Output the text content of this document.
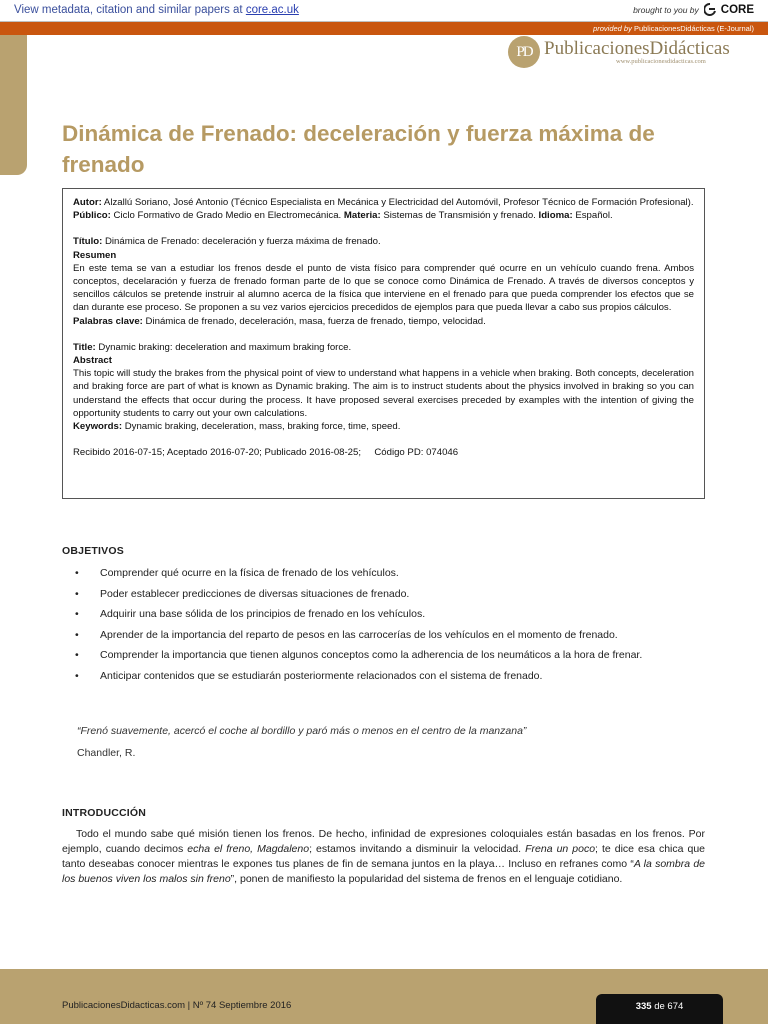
View metadata, citation and similar papers at core.ac.uk	brought to you by CORE
provided by PublicacionesDidácticas (E-Journal)
PD PublicacionesDidácticas
www.publicacionesdidacticas.com
Dinámica de Frenado: deceleración y fuerza máxima de frenado

Autor: Alzallú Soriano, José Antonio (Técnico Especialista en Mecánica y Electricidad del Automóvil, Profesor Técnico de Formación Profesional).

Público: Ciclo Formativo de Grado Medio en Electromecánica. Materia: Sistemas de Transmisión y frenado. Idioma: Español.

Título: Dinámica de Frenado: deceleración y fuerza máxima de frenado.

Resumen

En este tema se van a estudiar los frenos desde el punto de vista físico para comprender qué ocurre en un vehículo cuando frena. Ambos conceptos, decelaración y fuerza de frenado forman parte de lo que se conoce como Dinámica de Frenado. A través de diversos conceptos y sencillos cálculos se pretende instruir al alumno acerca de la física que interviene en el frenado para que pueda comprender los efectos que se dan durante ese proceso. Se proponen a su vez varios ejercicios precedidos de ejemplos para que pueda llevar a cabo sus propios cálculos.

Palabras clave: Dinámica de frenado, deceleración, masa, fuerza de frenado, tiempo, velocidad.

Title: Dynamic braking: deceleration and maximum braking force.

Abstract

This topic will study the brakes from the physical point of view to understand what happens in a vehicle when braking. Both concepts, deceleration and braking force are part of what is known as Dynamic braking. The aim is to instruct students about the physics involved in braking so you can understand the effects that occur during the process. It have proposed several exercises preceded by examples with the intention of giving the opportunity students to carry out your own calculations.

Keywords: Dynamic braking, deceleration, mass, braking force, time, speed.

Recibido 2016-07-15; Aceptado 2016-07-20; Publicado 2016-08-25; Código PD: 074046

OBJETIVOS
• Comprender qué ocurre en la física de frenado de los vehículos.
• Poder establecer predicciones de diversas situaciones de frenado.
• Adquirir una base sólida de los principios de frenado en los vehículos.
• Aprender de la importancia del reparto de pesos en las carrocerías de los vehículos en el momento de frenado.
• Comprender la importancia que tienen algunos conceptos como la adherencia de los neumáticos a la hora de frenar.
• Anticipar contenidos que se estudiarán posteriormente relacionados con el sistema de frenado.
“Frenó suavemente, acercó el coche al bordillo y paró más o menos en el centro de la manzana”
Chandler, R.
INTRODUCCIÓN

Todo el mundo sabe qué misión tienen los frenos. De hecho, infinidad de expresiones coloquiales están basadas en los frenos. Por ejemplo, cuando decimos echa el freno, Magdaleno; estamos invitando a disminuir la velocidad. Frena un poco; te dice esa chica que tanto deseabas conocer mientras le expones tus planes de fin de semana juntos en la playa… Incluso en refranes como “A la sombra de los buenos viven los malos sin freno”, ponen de manifiesto la popularidad del sistema de frenos en el lenguaje cotidiano.

PublicacionesDidacticas.com | Nº 74 Septiembre 2016	335 de 674
